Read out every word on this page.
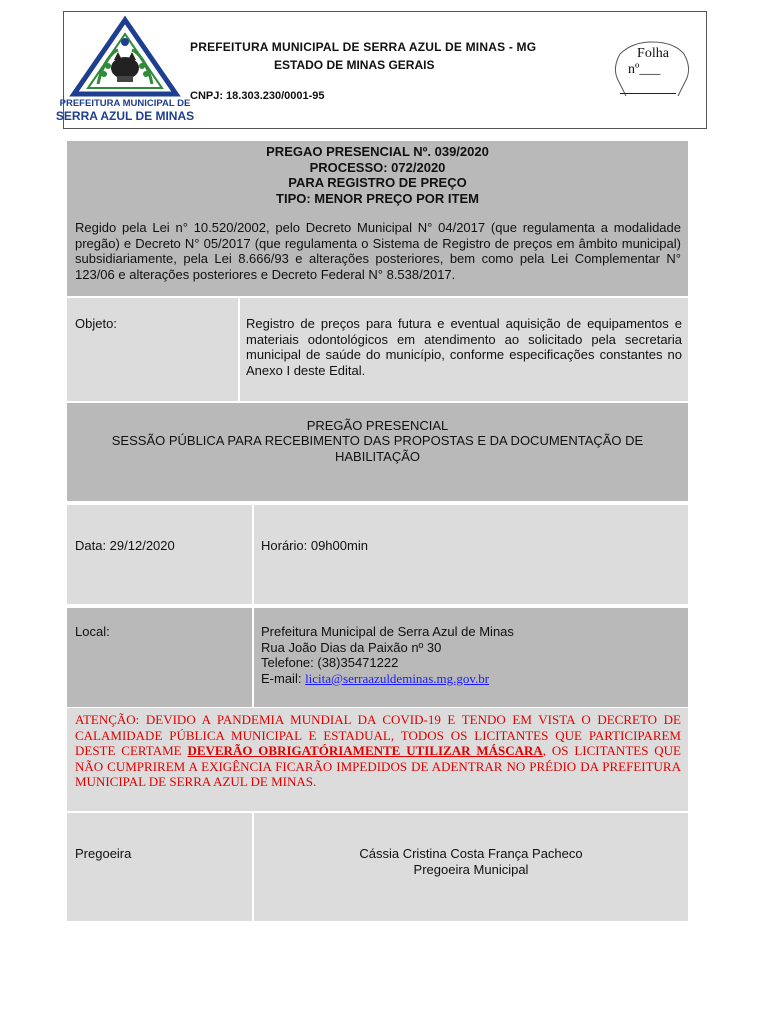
PREFEITURA MUNICIPAL DE
SERRA AZUL DE MINAS
PREFEITURA MUNICIPAL DE SERRA AZUL DE MINAS - MG
ESTADO DE MINAS GERAIS
CNPJ: 18.303.230/0001-95
Folha
nº___
PREGAO PRESENCIAL Nº. 039/2020
PROCESSO: 072/2020
PARA REGISTRO DE PREÇO
TIPO: MENOR PREÇO POR ITEM
Regido pela Lei n° 10.520/2002, pelo Decreto Municipal N° 04/2017 (que regulamenta a modalidade pregão) e Decreto N° 05/2017 (que regulamenta o Sistema de Registro de preços em âmbito municipal) subsidiariamente, pela Lei 8.666/93 e alterações posteriores, bem como pela Lei Complementar N° 123/06 e alterações posteriores e Decreto Federal N° 8.538/2017.
Objeto:	Registro de preços para futura e eventual aquisição de equipamentos e materiais odontológicos em atendimento ao solicitado pela secretaria municipal de saúde do município, conforme especificações constantes no Anexo I deste Edital.
PREGÃO PRESENCIAL
SESSÃO PÚBLICA PARA RECEBIMENTO DAS PROPOSTAS E DA DOCUMENTAÇÃO DE HABILITAÇÃO
Data: 29/12/2020	Horário: 09h00min
Local:	Prefeitura Municipal de Serra Azul de Minas
Rua João Dias da Paixão nº 30
Telefone: (38)35471222
E-mail: licita@serraazuldeminas.mg.gov.br
ATENÇÃO: DEVIDO A PANDEMIA MUNDIAL DA COVID-19 E TENDO EM VISTA O DECRETO DE CALAMIDADE PÚBLICA MUNICIPAL E ESTADUAL, TODOS OS LICITANTES QUE PARTICIPAREM DESTE CERTAME DEVERÃO OBRIGATÓRIAMENTE UTILIZAR MÁSCARA, OS LICITANTES QUE NÃO CUMPRIREM A EXIGÊNCIA FICARÃO IMPEDIDOS DE ADENTRAR NO PRÉDIO DA PREFEITURA MUNICIPAL DE SERRA AZUL DE MINAS.
Pregoeira	Cássia Cristina Costa França Pacheco
Pregoeira Municipal
